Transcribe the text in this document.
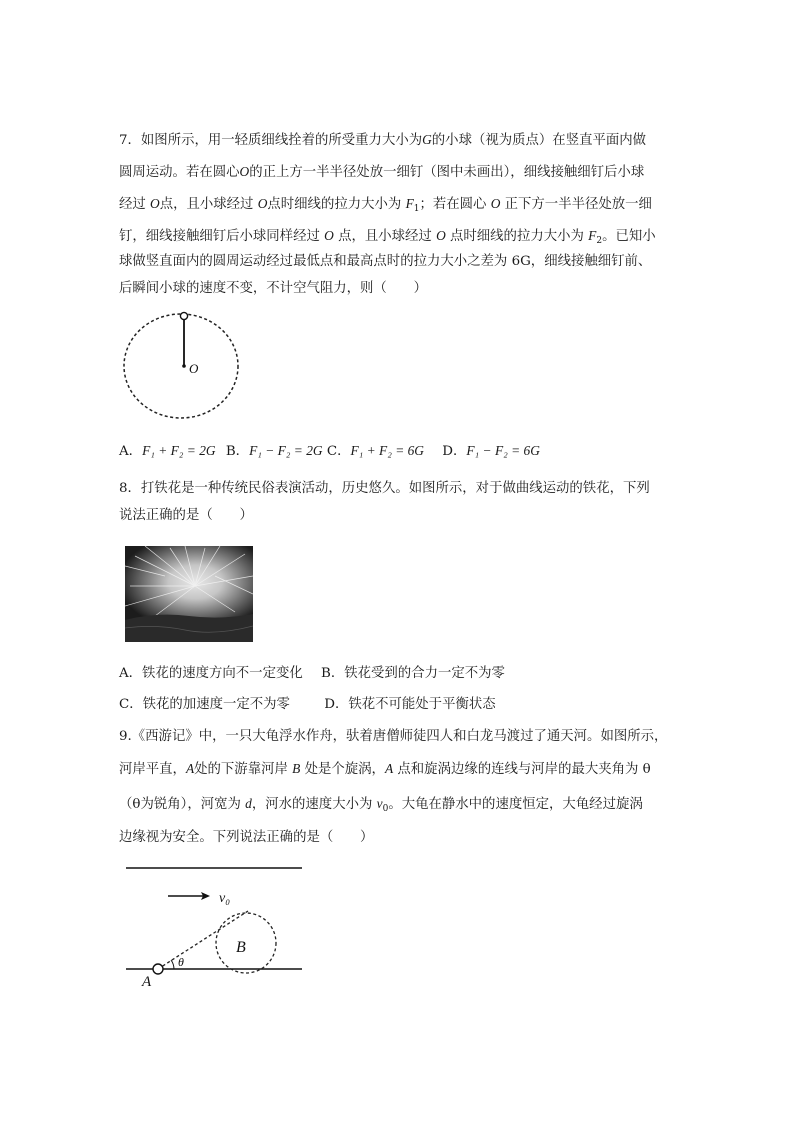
7．如图所示，用一轻质细线拴着的所受重力大小为G的小球（视为质点）在竖直平面内做
圆周运动。若在圆心O的正上方一半半径处放一细钉（图中未画出），细线接触细钉后小球
经过 O点，且小球经过 O点时细线的拉力大小为 $F_1$；若在圆心 O 正下方一半半径处放一细
钉，细线接触细钉后小球同样经过 O 点，且小球经过 O 点时细线的拉力大小为 $F_2$。已知小
球做竖直面内的圆周运动经过最低点和最高点时的拉力大小之差为 6G，细线接触细钉前、
后瞬间小球的速度不变，不计空气阻力，则（　　）
O
A．F₁ + F₂ = 2G B．F₁ − F₂ = 2G C．F₁ + F₂ = 6G D．F₁ − F₂ = 6G
8．打铁花是一种传统民俗表演活动，历史悠久。如图所示，对于做曲线运动的铁花，下列
说法正确的是（　　）
A．铁花的速度方向不一定变化 B．铁花受到的合力一定不为零
C．铁花的加速度一定不为零	D．铁花不可能处于平衡状态
9.《西游记》中，一只大龟浮水作舟，驮着唐僧师徒四人和白龙马渡过了通天河。如图所示，
河岸平直，A处的下游靠河岸 B 处是个旋涡，A 点和旋涡边缘的连线与河岸的最大夹角为 θ
（θ为锐角），河宽为 d，河水的速度大小为 $v_0$。大龟在静水中的速度恒定，大龟经过旋涡
边缘视为安全。下列说法正确的是（　　）
v₀
B
θ
A
